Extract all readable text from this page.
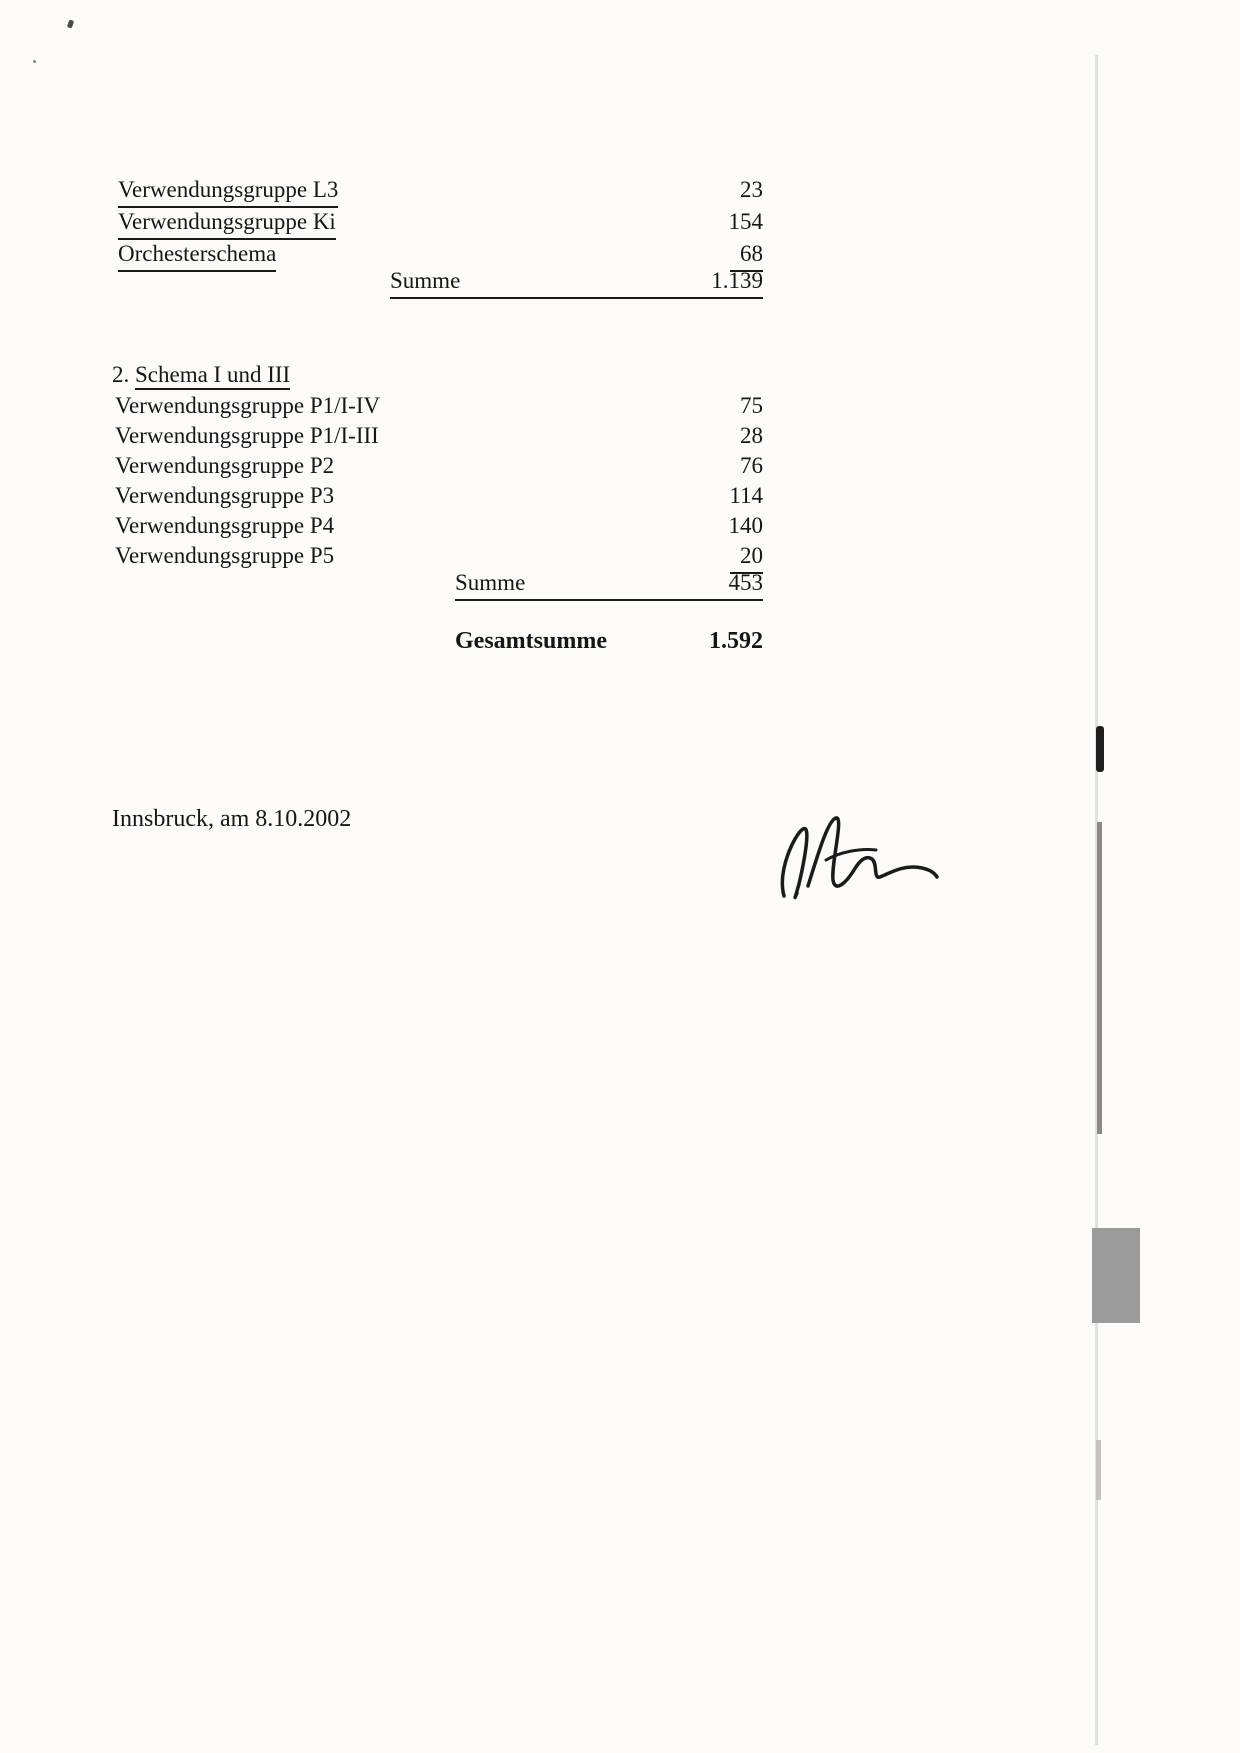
Verwendungsgruppe L3	23
Verwendungsgruppe Ki	154
Orchesterschema	68
Summe	1.139
2. Schema I und III
Verwendungsgruppe P1/I-IV	75
Verwendungsgruppe P1/I-III	28
Verwendungsgruppe P2	76
Verwendungsgruppe P3	114
Verwendungsgruppe P4	140
Verwendungsgruppe P5	20
Summe	453
Gesamtsumme	1.592
Innsbruck, am 8.10.2002
